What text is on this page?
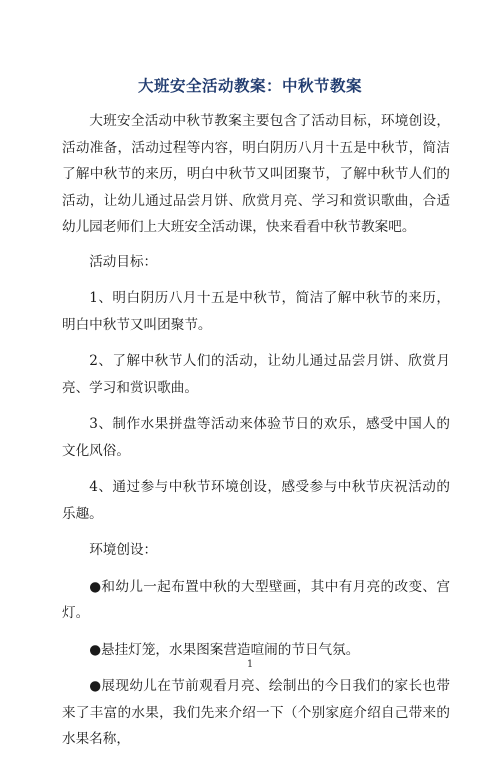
大班安全活动教案：中秋节教案

大班安全活动中秋节教案主要包含了活动目标，环境创设，活动准备，活动过程等内容，明白阴历八月十五是中秋节，简洁了解中秋节的来历，明白中秋节又叫团聚节，了解中秋节人们的活动，让幼儿通过品尝月饼、欣赏月亮、学习和赏识歌曲，合适幼儿园老师们上大班安全活动课，快来看看中秋节教案吧。

活动目标：

1、明白阴历八月十五是中秋节，简洁了解中秋节的来历，明白中秋节又叫团聚节。

2、了解中秋节人们的活动，让幼儿通过品尝月饼、欣赏月亮、学习和赏识歌曲。

3、制作水果拼盘等活动来体验节日的欢乐，感受中国人的文化风俗。

4、通过参与中秋节环境创设，感受参与中秋节庆祝活动的乐趣。

环境创设：

●和幼儿一起布置中秋的大型壁画，其中有月亮的改变、宫灯。

●悬挂灯笼，水果图案营造喧闹的节日气氛。

●展现幼儿在节前观看月亮、绘制出的今日我们的家长也带来了丰富的水果，我们先来介绍一下（个别家庭介绍自己带来的水果名称，

1
